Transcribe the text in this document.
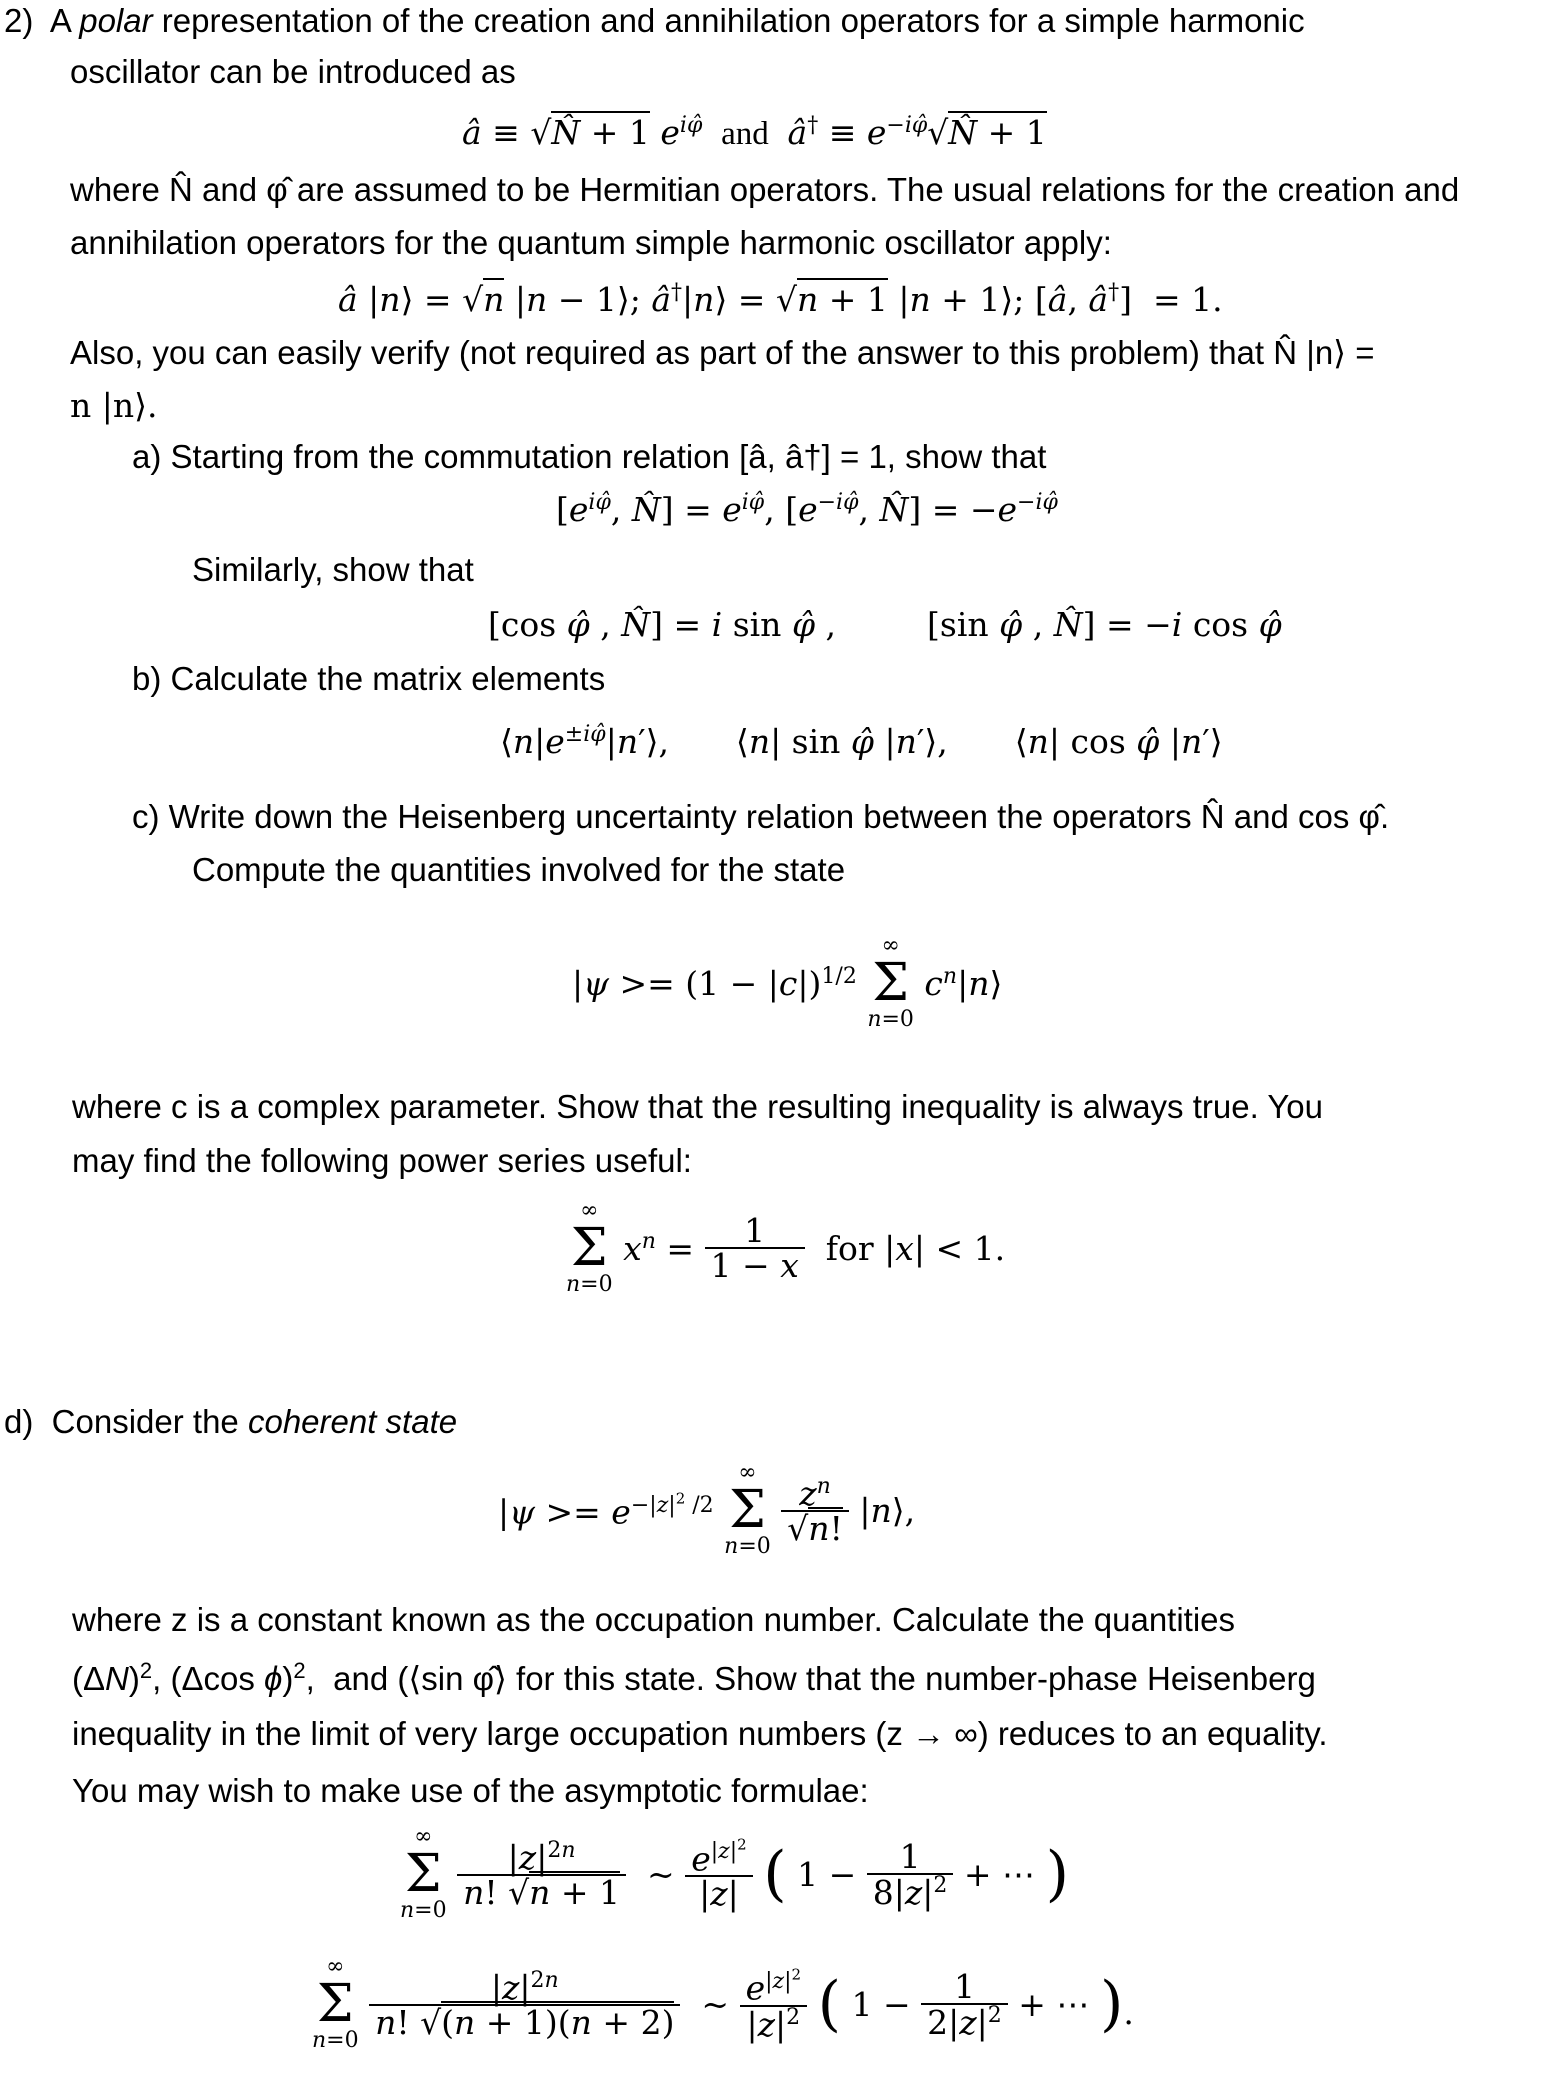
2)  A polar representation of the creation and annihilation operators for a simple harmonic
oscillator can be introduced as
â ≡ √N̂ + 1 $e^{i\varphî}$  and  â† ≡ $e^{-i\varphî}√N̂ + 1$
where N̂ and φ̂ are assumed to be Hermitian operators. The usual relations for the creation and
annihilation operators for the quantum simple harmonic oscillator apply:
â |n⟩ = √n |n − 1⟩; â†|n⟩ = √n + 1 |n + 1⟩; [â, â†]  = 1.
Also, you can easily verify (not required as part of the answer to this problem) that N̂ |n⟩ =
n |n⟩.
a) Starting from the commutation relation [â, â†] = 1, show that
[$e^{i\varphî}$, N̂] = $e^{i\varphî}$, [$e^{-i\varphî}$, N̂] = $-e^{-i\varphî}$
Similarly, show that
[cos φ̂ , N̂] = i sin φ̂ ,  [sin φ̂ , N̂] = −i cos φ̂
b) Calculate the matrix elements
$⟨n|e^{\pm i\varphî}|n'⟩$,  ⟨n| sin φ̂ |n′⟩,  ⟨n| cos φ̂ |n′⟩
c) Write down the Heisenberg uncertainty relation between the operators N̂ and cos φ̂.
Compute the quantities involved for the state
$|\psi >= (1 - |c|)^{1/2}$
∞
Σ
n=0
$c^n|n⟩$
where c is a complex parameter. Show that the resulting inequality is always true. You
may find the following power series useful:
∞
Σ
n=0
$x^n = \frac{1}{1 - x}$ for |x| < 1.
d)  Consider the coherent state
$|\psi >= e^{-|z|^2 /2}$
∞
Σ
n=0

$\frac{z^n}{√n!}$ |n⟩,
where z is a constant known as the occupation number. Calculate the quantities
$(\Delta N)^2$, (Δcos ϕ)$^2$,  and (⟨sin φ̂⟩ for this state. Show that the number-phase Heisenberg
inequality in the limit of very large occupation numbers (z → ∞) reduces to an equality.
You may wish to make use of the asymptotic formulae:
∞
Σ
n=0

$\frac{|z|^{2n}}{n! √n + 1}$ ~ $\frac{e^{|z|^2}}{|z|}$ ( $1 - \frac{1}{8|z|^2}$ + ⋯ )
∞
Σ
n=0

$\frac{|z|^{2n}}{n! √(n + 1)(n + 2)}$ ~ $\frac{e^{|z|^2}}{|z|^2}$ ( $1 - \frac{1}{2|z|^2}$ + ⋯ ).
